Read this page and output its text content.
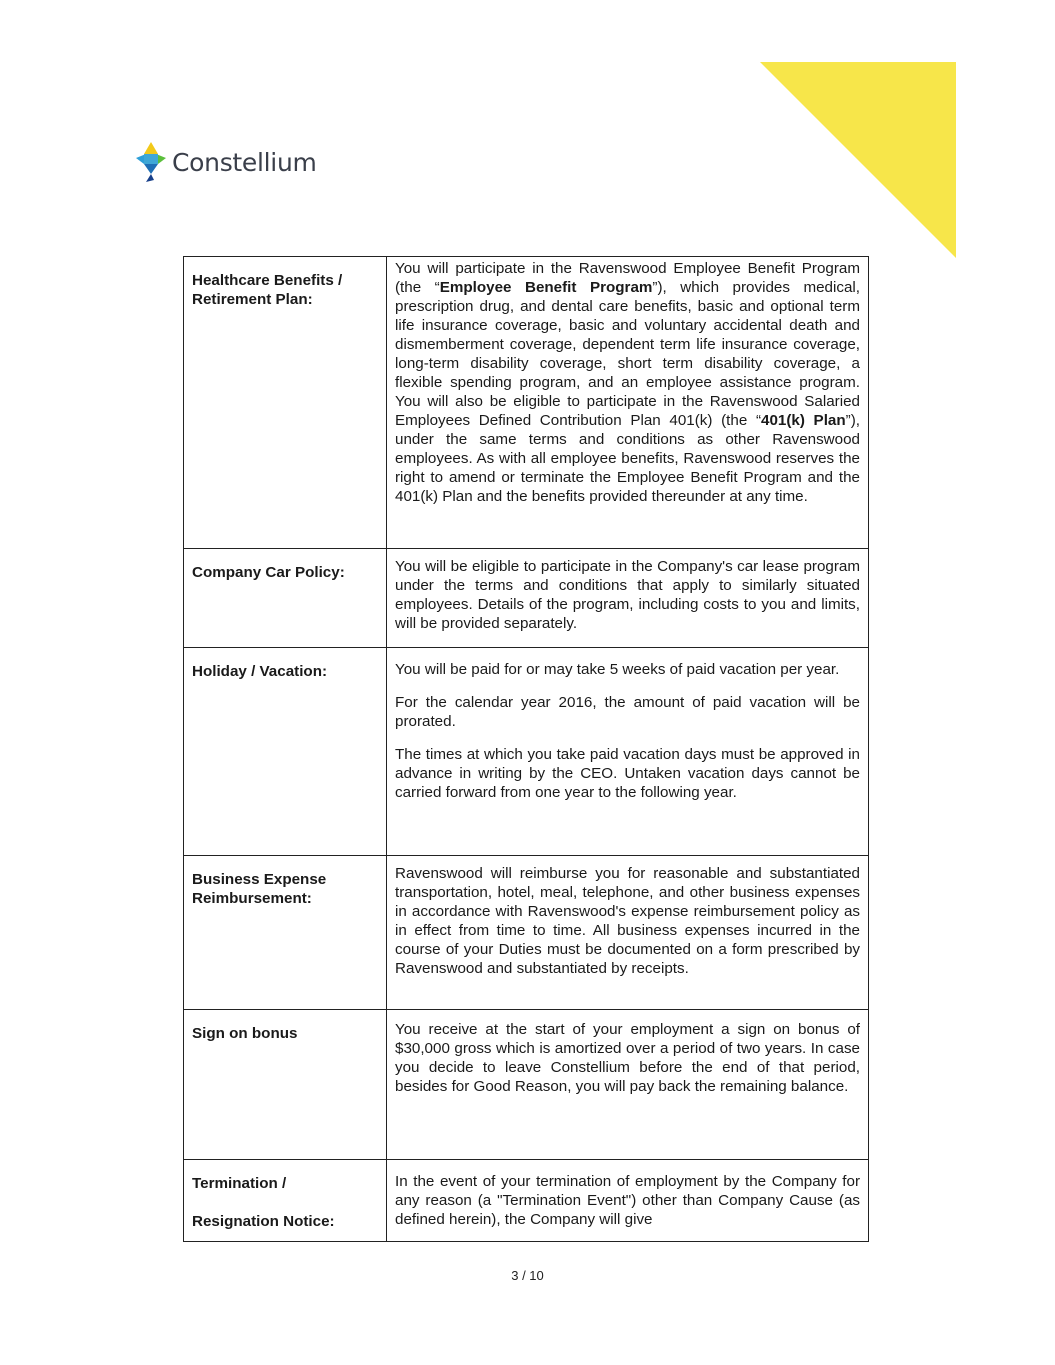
Constellium
Healthcare Benefits / Retirement Plan:	You will participate in the Ravenswood Employee Benefit Program (the “Employee Benefit Program”), which provides medical, prescription drug, and dental care benefits, basic and optional term life insurance coverage, basic and voluntary accidental death and dismemberment coverage, dependent term life insurance coverage, long-term disability coverage, short term disability coverage, a flexible spending program, and an employee assistance program. You will also be eligible to participate in the Ravenswood Salaried Employees Defined Contribution Plan 401(k) (the “401(k) Plan”), under the same terms and conditions as other Ravenswood employees. As with all employee benefits, Ravenswood reserves the right to amend or terminate the Employee Benefit Program and the 401(k) Plan and the benefits provided thereunder at any time.

Company Car Policy:	You will be eligible to participate in the Company's car lease program under the terms and conditions that apply to similarly situated employees. Details of the program, including costs to you and limits, will be provided separately.

Holiday / Vacation:	You will be paid for or may take 5 weeks of paid vacation per year.

For the calendar year 2016, the amount of paid vacation will be prorated.

The times at which you take paid vacation days must be approved in advance in writing by the CEO. Untaken vacation days cannot be carried forward from one year to the following year.

Business Expense Reimbursement:	Ravenswood will reimburse you for reasonable and substantiated transportation, hotel, meal, telephone, and other business expenses in accordance with Ravenswood's expense reimbursement policy as in effect from time to time. All business expenses incurred in the course of your Duties must be documented on a form prescribed by Ravenswood and substantiated by receipts.

Sign on bonus	You receive at the start of your employment a sign on bonus of $30,000 gross which is amortized over a period of two years. In case you decide to leave Constellium before the end of that period, besides for Good Reason, you will pay back the remaining balance.

Termination /
Resignation Notice:	In the event of your termination of employment by the Company for any reason (a "Termination Event") other than Company Cause (as defined herein), the Company will give

3 / 10
